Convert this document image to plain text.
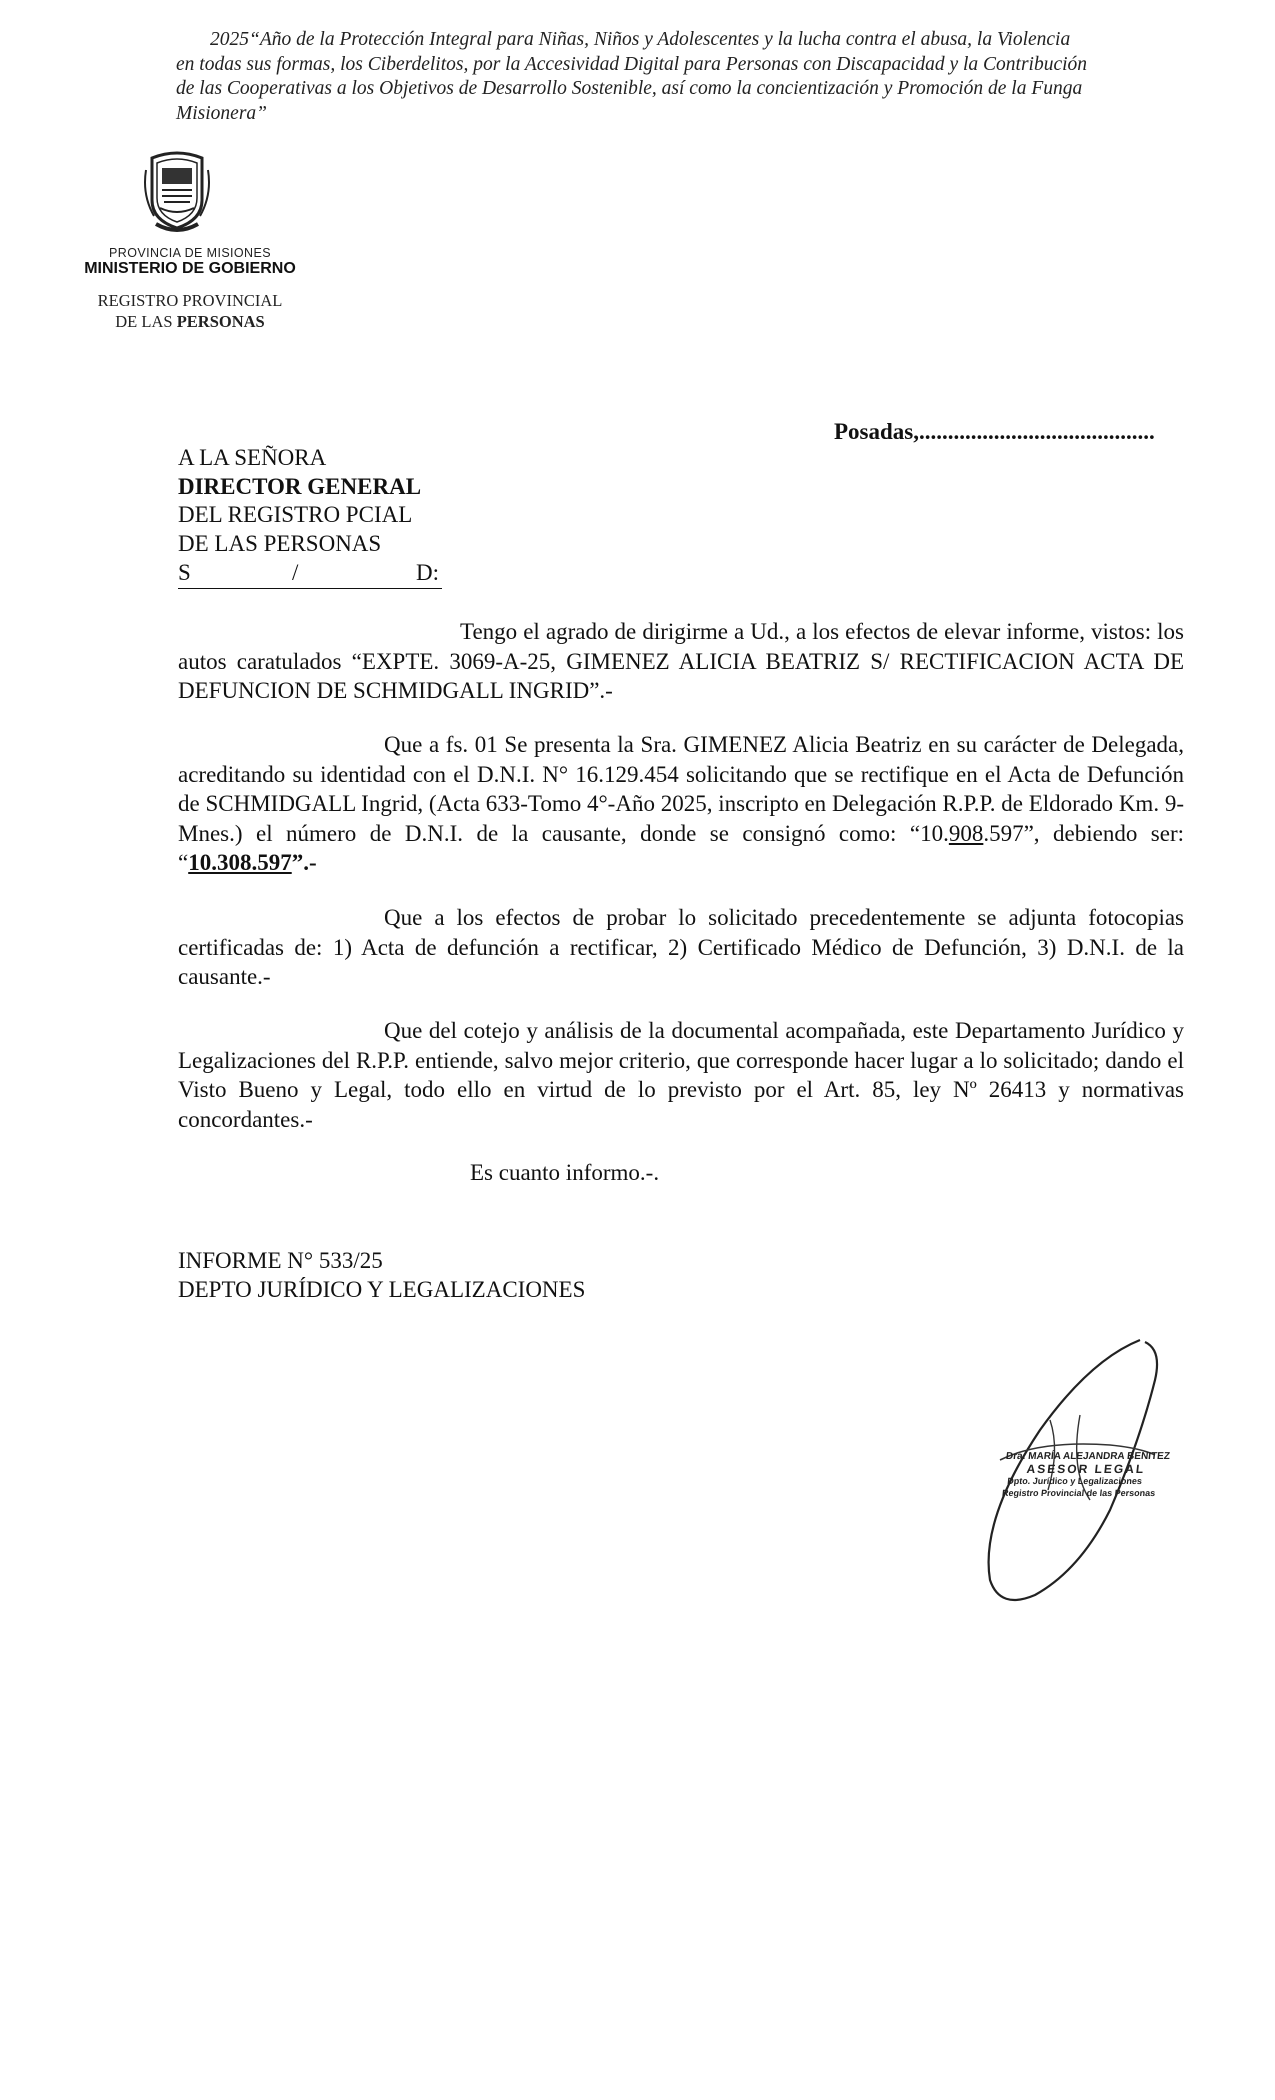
2025“Año de la Protección Integral para Niñas, Niños y Adolescentes y la lucha contra el abusa, la Violencia
en todas sus formas, los Ciberdelitos, por la Accesividad Digital para Personas con Discapacidad y la Contribución
de las Cooperativas a los Objetivos de Desarrollo Sostenible, así como la concientización y Promoción de la Funga
Misionera”
PROVINCIA DE MISIONES
MINISTERIO DE GOBIERNO
REGISTRO PROVINCIAL
DE LAS PERSONAS
Posadas,.........................................
A LA SEÑORA
DIRECTOR GENERAL
DEL REGISTRO PCIAL
DE LAS PERSONAS
S	/	D:
Tengo el agrado de dirigirme a Ud., a los efectos de elevar informe, vistos: los autos caratulados “EXPTE. 3069-A-25, GIMENEZ ALICIA BEATRIZ S/ RECTIFICACION ACTA DE DEFUNCION DE SCHMIDGALL INGRID”.-
Que a fs. 01 Se presenta la Sra. GIMENEZ Alicia Beatriz en su carácter de Delegada, acreditando su identidad con el D.N.I. N° 16.129.454 solicitando que se rectifique en el Acta de Defunción de SCHMIDGALL Ingrid, (Acta 633-Tomo 4°-Año 2025, inscripto en Delegación R.P.P. de Eldorado Km. 9-Mnes.) el número de D.N.I. de la causante, donde se consignó como: “10.908.597”, debiendo ser: “10.308.597”.-
Que a los efectos de probar lo solicitado precedentemente se adjunta fotocopias certificadas de: 1) Acta de defunción a rectificar, 2) Certificado Médico de Defunción, 3) D.N.I. de la causante.-
Que del cotejo y análisis de la documental acompañada, este Departamento Jurídico y Legalizaciones del R.P.P. entiende, salvo mejor criterio, que corresponde hacer lugar a lo solicitado; dando el Visto Bueno y Legal, todo ello en virtud de lo previsto por el Art. 85, ley Nº 26413 y normativas concordantes.-
Es cuanto informo.-.
INFORME N° 533/25
DEPTO JURÍDICO Y LEGALIZACIONES
Dra. MARÍA ALEJANDRA BENITEZ
ASESOR LEGAL
Dpto. Jurídico y Legalizaciones
Registro Provincial de las Personas
